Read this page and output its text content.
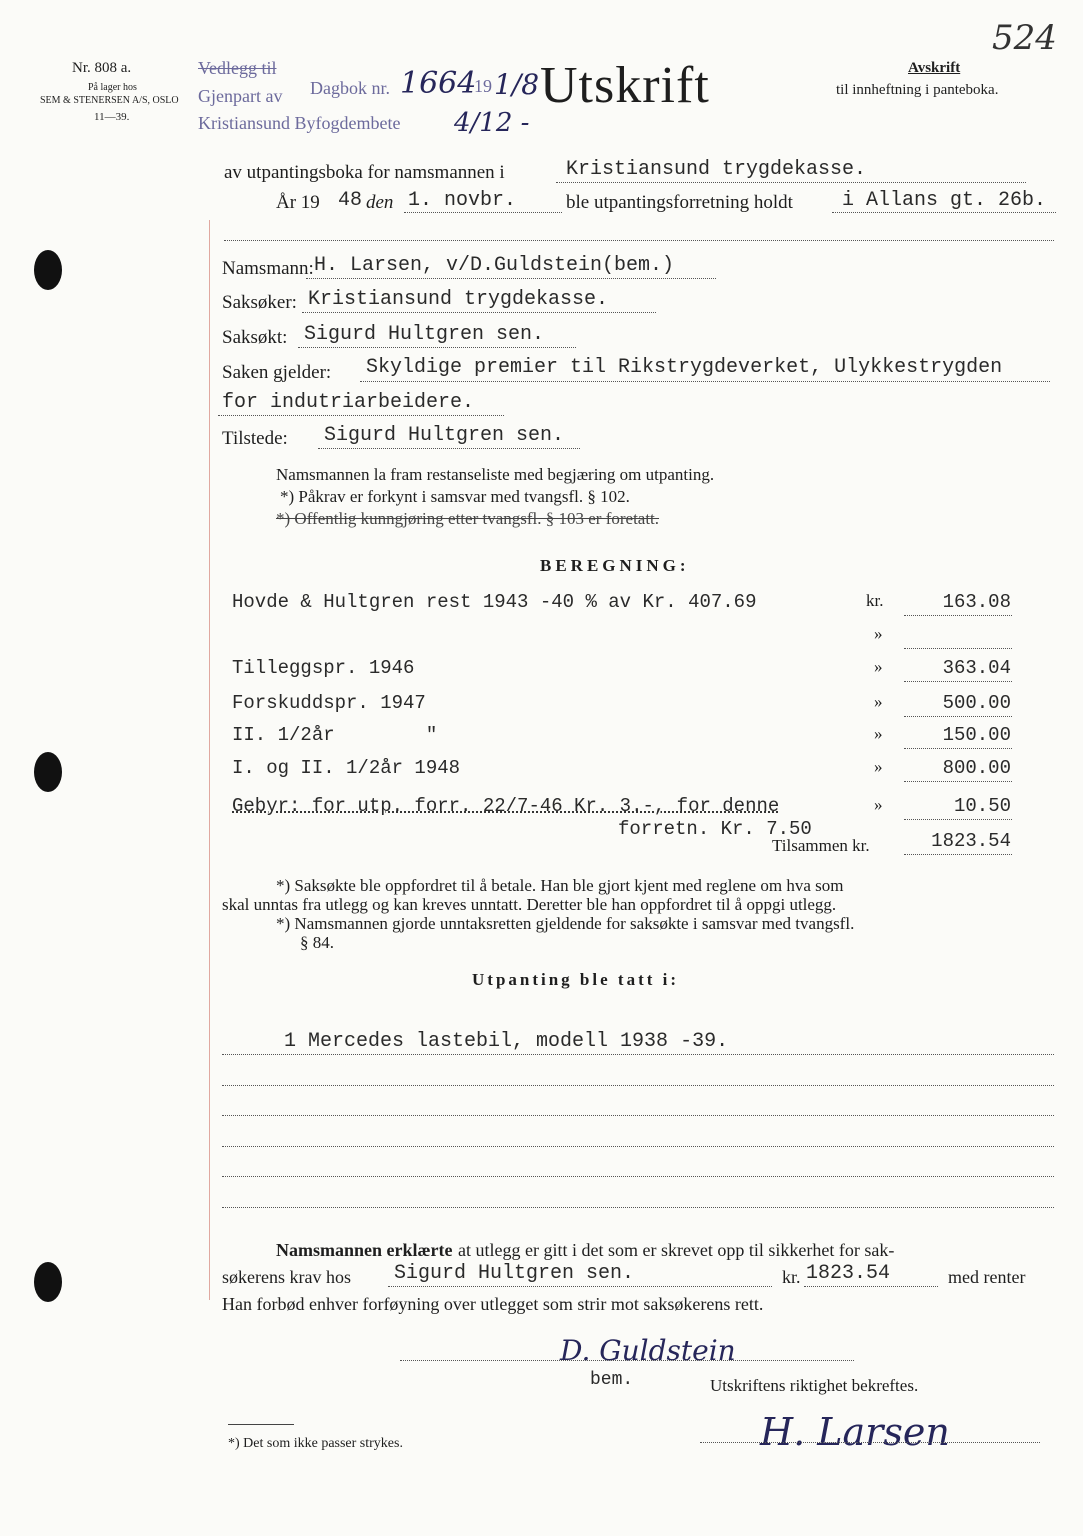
Nr. 808 a.
På lager hos
SEM & STENERSEN A/S, OSLO
11—39.
Vedlegg til
Gjenpart av
Kristiansund Byfogdembete
Dagbok nr. 1664
19 1/8
4/12 -
Utskrift	Avskrift
til innheftning i panteboka.
524
av utpantingsboka for namsmannen i	Kristiansund trygdekasse.
År 19 48 den 1. novbr.	ble utpantingsforretning holdt i Allans gt. 26b.
Namsmann: H. Larsen, v/D.Guldstein(bem.)
Saksøker: Kristiansund trygdekasse.
Saksøkt: Sigurd Hultgren sen.
Saken gjelder: Skyldige premier til Rikstrygdeverket, Ulykkestrygden
for indutriarbeidere.
Tilstede: Sigurd Hultgren sen.
Namsmannen la fram restanseliste med begjæring om utpanting.
*) Påkrav er forkynt i samsvar med tvangsfl. § 102.
*) Offentlig kunngjøring etter tvangsfl. § 103 er foretatt.
BEREGNING:
Hovde & Hultgren rest 1943 -40 % av Kr. 407.69	kr.	163.08
»
Tilleggspr. 1946	»	363.04
Forskuddspr. 1947	»	500.00
II. 1/2år        "	»	150.00
I. og II. 1/2år 1948	»	800.00
Gebyr: for utp. forr. 22/7-46 Kr. 3.-, for denne	»	10.50
forretn. Kr. 7.50
Tilsammen kr.	1823.54
*) Saksøkte ble oppfordret til å betale. Han ble gjort kjent med reglene om hva som
skal unntas fra utlegg og kan kreves unntatt. Deretter ble han oppfordret til å oppgi utlegg.
*) Namsmannen gjorde unntaksretten gjeldende for saksøkte i samsvar med tvangsfl.
§ 84.
Utpanting ble tatt i:
1 Mercedes lastebil, modell 1938 -39.
Namsmannen erklærte at utlegg er gitt i det som er skrevet opp til sikkerhet for sak-
søkerens krav hos Sigurd Hultgren sen.	kr. 1823.54	med renter
Han forbød enhver forføyning over utlegget som strir mot saksøkerens rett.
D. Guldstein
bem.	Utskriftens riktighet bekreftes.
H. Larsen
*) Det som ikke passer strykes.
